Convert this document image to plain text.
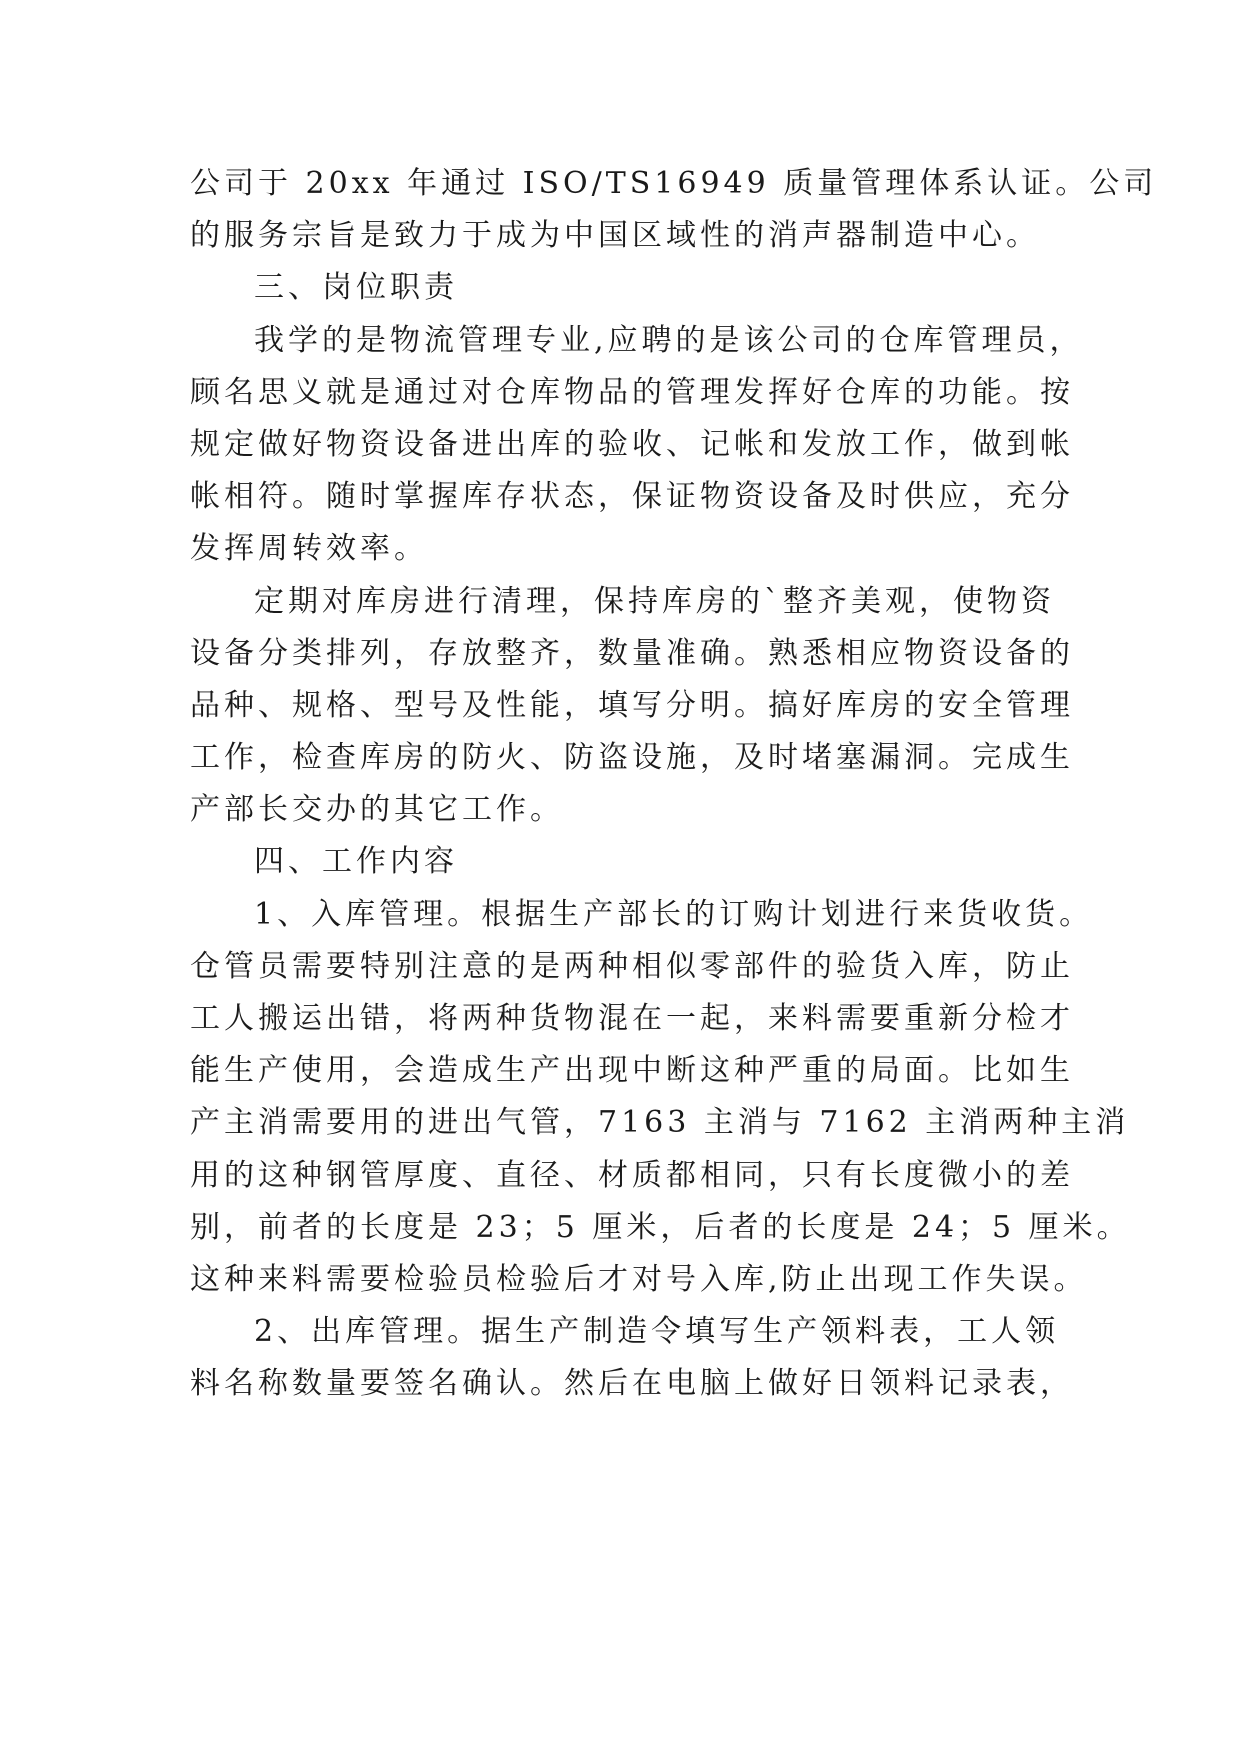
公司于 20xx 年通过 ISO/TS16949 质量管理体系认证。公司
的服务宗旨是致力于成为中国区域性的消声器制造中心。
三、岗位职责
我学的是物流管理专业,应聘的是该公司的仓库管理员，
顾名思义就是通过对仓库物品的管理发挥好仓库的功能。按
规定做好物资设备进出库的验收、记帐和发放工作，做到帐
帐相符。随时掌握库存状态，保证物资设备及时供应，充分
发挥周转效率。
定期对库房进行清理，保持库房的`整齐美观，使物资
设备分类排列，存放整齐，数量准确。熟悉相应物资设备的
品种、规格、型号及性能，填写分明。搞好库房的安全管理
工作，检查库房的防火、防盗设施，及时堵塞漏洞。完成生
产部长交办的其它工作。
四、工作内容
1、入库管理。根据生产部长的订购计划进行来货收货。
仓管员需要特别注意的是两种相似零部件的验货入库，防止
工人搬运出错，将两种货物混在一起，来料需要重新分检才
能生产使用，会造成生产出现中断这种严重的局面。比如生
产主消需要用的进出气管，7163 主消与 7162 主消两种主消
用的这种钢管厚度、直径、材质都相同，只有长度微小的差
别，前者的长度是 23；5 厘米，后者的长度是 24；5 厘米。
这种来料需要检验员检验后才对号入库,防止出现工作失误。
2、出库管理。据生产制造令填写生产领料表，工人领
料名称数量要签名确认。然后在电脑上做好日领料记录表，
